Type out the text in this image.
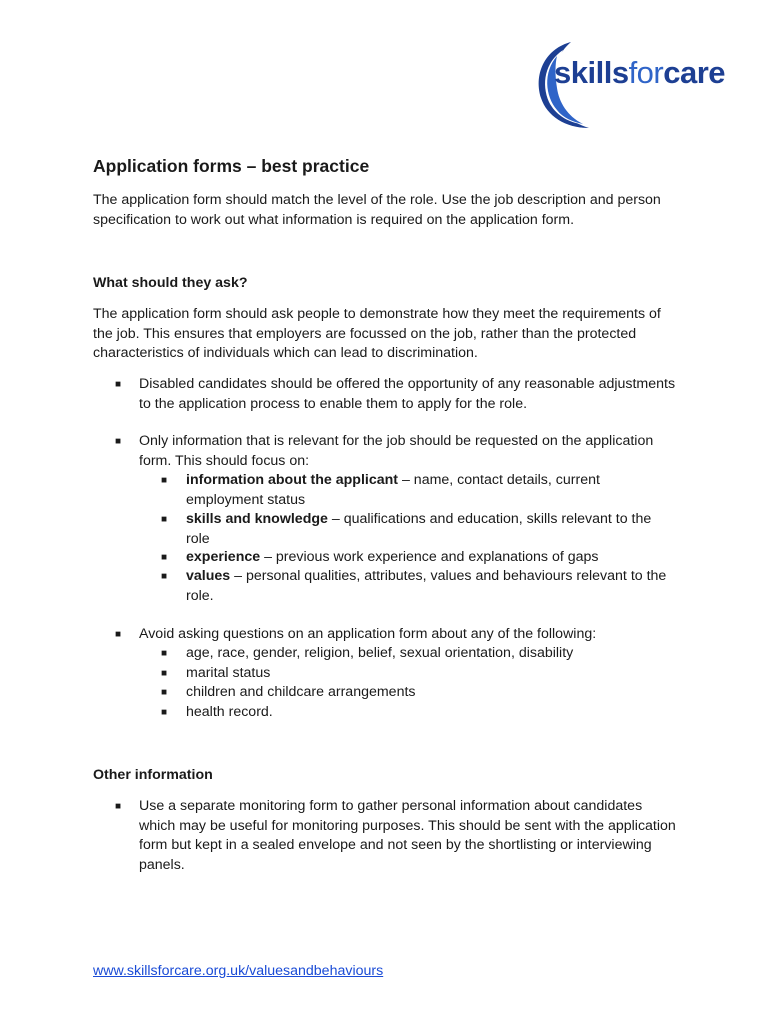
skillsforcare
Application forms – best practice

The application form should match the level of the role. Use the job description and person specification to work out what information is required on the application form.

What should they ask?

The application form should ask people to demonstrate how they meet the requirements of the job. This ensures that employers are focussed on the job, rather than the protected characteristics of individuals which can lead to discrimination.

■ Disabled candidates should be offered the opportunity of any reasonable adjustments to the application process to enable them to apply for the role.

■ Only information that is relevant for the job should be requested on the application form. This should focus on:

■ information about the applicant – name, contact details, current employment status

■ skills and knowledge – qualifications and education, skills relevant to the role

■ experience – previous work experience and explanations of gaps

■ values – personal qualities, attributes, values and behaviours relevant to the role.

■ Avoid asking questions on an application form about any of the following:

■ age, race, gender, religion, belief, sexual orientation, disability

■ marital status

■ children and childcare arrangements

■ health record.

Other information
■ Use a separate monitoring form to gather personal information about candidates which may be useful for monitoring purposes. This should be sent with the application form but kept in a sealed envelope and not seen by the shortlisting or interviewing panels.

www.skillsforcare.org.uk/valuesandbehaviours
